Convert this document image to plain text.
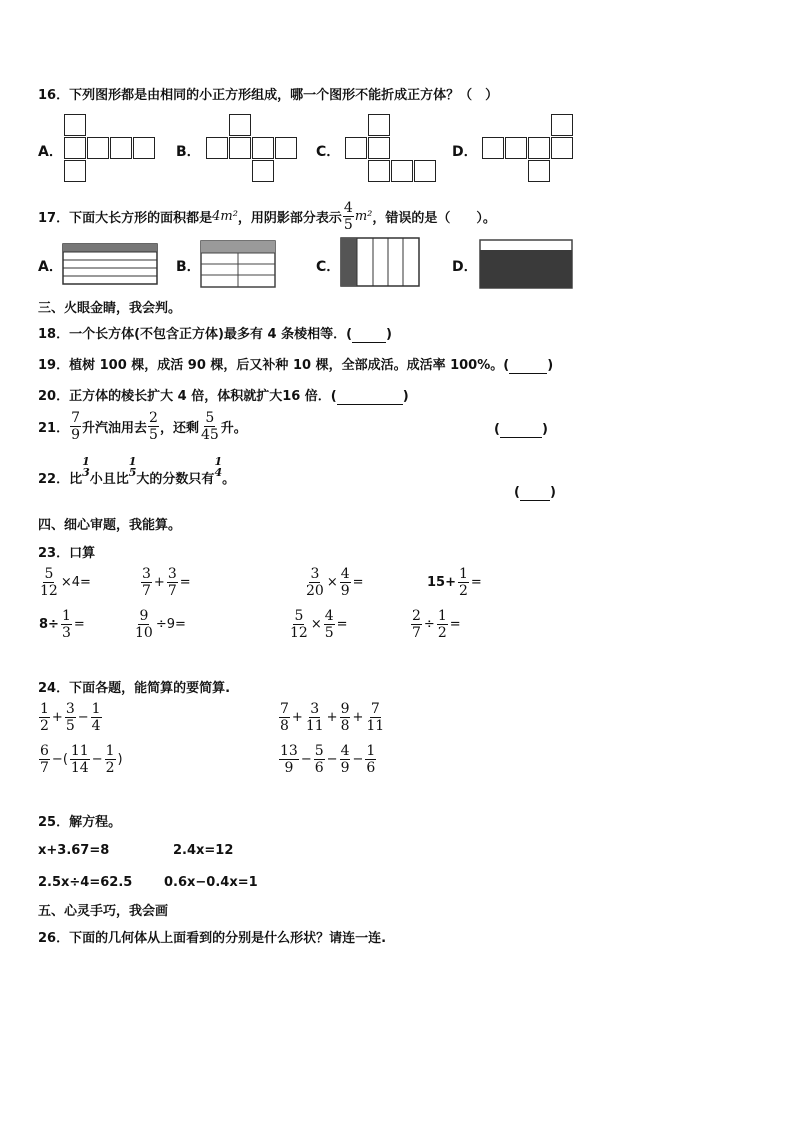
16．下列图形都是由相同的小正方形组成，哪一个图形不能折成正方体？（　）
A．	B．	C．	D．
17．下面大长方形的面积都是 4m² ，用阴影部分表示 $\frac{4}{5} m^2$ ，错误的是（　　）。
A．	B．	C．	D．
三、火眼金睛，我会判。
18．一个长方体(不包含正方体)最多有 4 条棱相等．(	)
19．植树 100 棵，成活 90 棵，后又补种 10 棵，全部成活。成活率 100%。(	)
20．正方体的棱长扩大 4 倍，体积就扩大16 倍．(	)
21． $\frac{7}{9}$ 升汽油用去 $\frac{2}{5}$ ，还剩 $\frac{5}{45}$ 升。	(	)
22．比
1
3 小且比
1
5 大的分数只有
1
4 。
( )
四、细心审题，我能算。
23．口算
$\frac{5}{12} \times 4=$	$\frac{3}{7} + \frac{3}{7}$ =	$\frac{3}{20} \times \frac{4}{9}$ =	$15+ \frac{1}{2}$ =
$8\div \frac{1}{3}$ =	$\frac{9}{10} \div 9=$	$\frac{5}{12} \times \frac{4}{5}$ =	$\frac{2}{7} \div \frac{1}{2}$ =
24．下面各题，能简算的要简算.
$\frac{1}{2} + \frac{3}{5} - \frac{1}{4}$	$\frac{7}{8} + \frac{3}{11} + \frac{9}{8} + \frac{7}{11}$
$\frac{6}{7}$ −( $\frac{11}{14} - \frac{1}{2}$ )	$\frac{13}{9} - \frac{5}{6} - \frac{4}{9} - \frac{1}{6}$
25．解方程。
x+3.67=8	2.4x=12
2.5x÷4=62.5 0.6x−0.4x=1
五、心灵手巧，我会画
26．下面的几何体从上面看到的分别是什么形状？请连一连.
